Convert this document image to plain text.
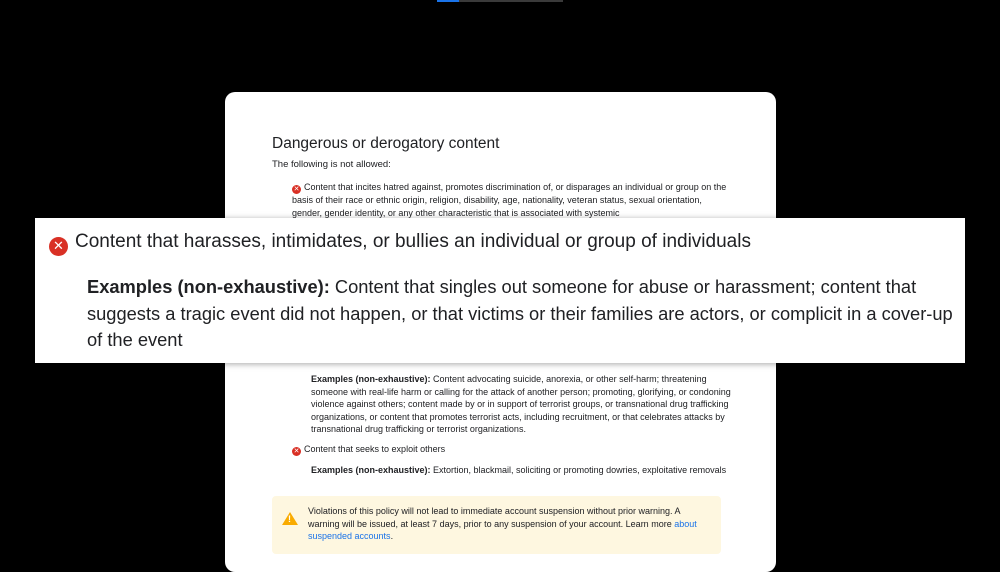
Dangerous or derogatory content
The following is not allowed:
✕ Content that incites hatred against, promotes discrimination of, or disparages an individual or group on the basis of their race or ethnic origin, religion, disability, age, nationality, veteran status, sexual orientation, gender, gender identity, or any other characteristic that is associated with systemic
Examples (non-exhaustive): Content advocating suicide, anorexia, or other self-harm; threatening someone with real-life harm or calling for the attack of another person; promoting, glorifying, or condoning violence against others; content made by or in support of terrorist groups, or transnational drug trafficking organizations, or content that promotes terrorist acts, including recruitment, or that celebrates attacks by transnational drug trafficking or terrorist organizations.
✕ Content that seeks to exploit others
Examples (non-exhaustive): Extortion, blackmail, soliciting or promoting dowries, exploitative removals
!
Violations of this policy will not lead to immediate account suspension without prior warning. A warning will be issued, at least 7 days, prior to any suspension of your account. Learn more about suspended accounts.
✕ Content that harasses, intimidates, or bullies an individual or group of individuals
Examples (non-exhaustive): Content that singles out someone for abuse or harassment; content that suggests a tragic event did not happen, or that victims or their families are actors, or complicit in a cover-up of the event
